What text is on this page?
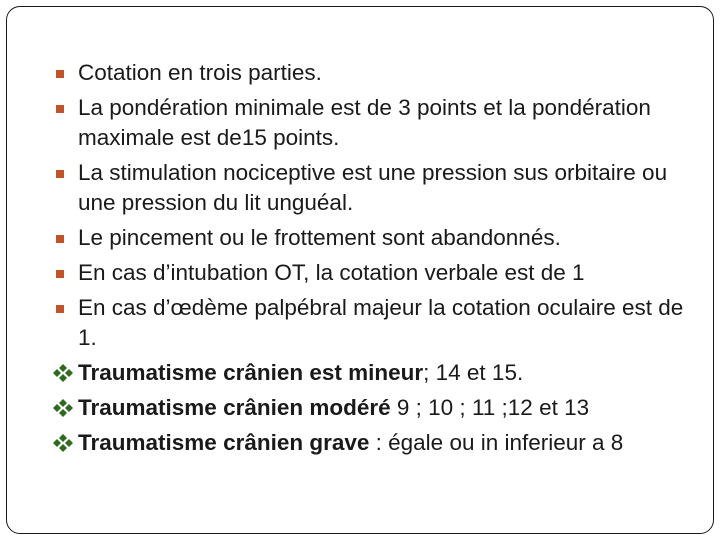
Cotation en trois parties.
La pondération minimale est de 3 points et la pondération maximale est de15 points.
La stimulation nociceptive est une pression sus orbitaire ou une pression du lit unguéal.
Le pincement ou le frottement sont abandonnés.
En cas d’intubation OT, la cotation verbale est de 1
En cas d’œdème palpébral majeur la cotation oculaire est de 1.
Traumatisme crânien est mineur; 14 et 15.
Traumatisme crânien modéré 9 ; 10 ; 11 ;12 et 13
Traumatisme crânien grave : égale ou in inferieur a 8
